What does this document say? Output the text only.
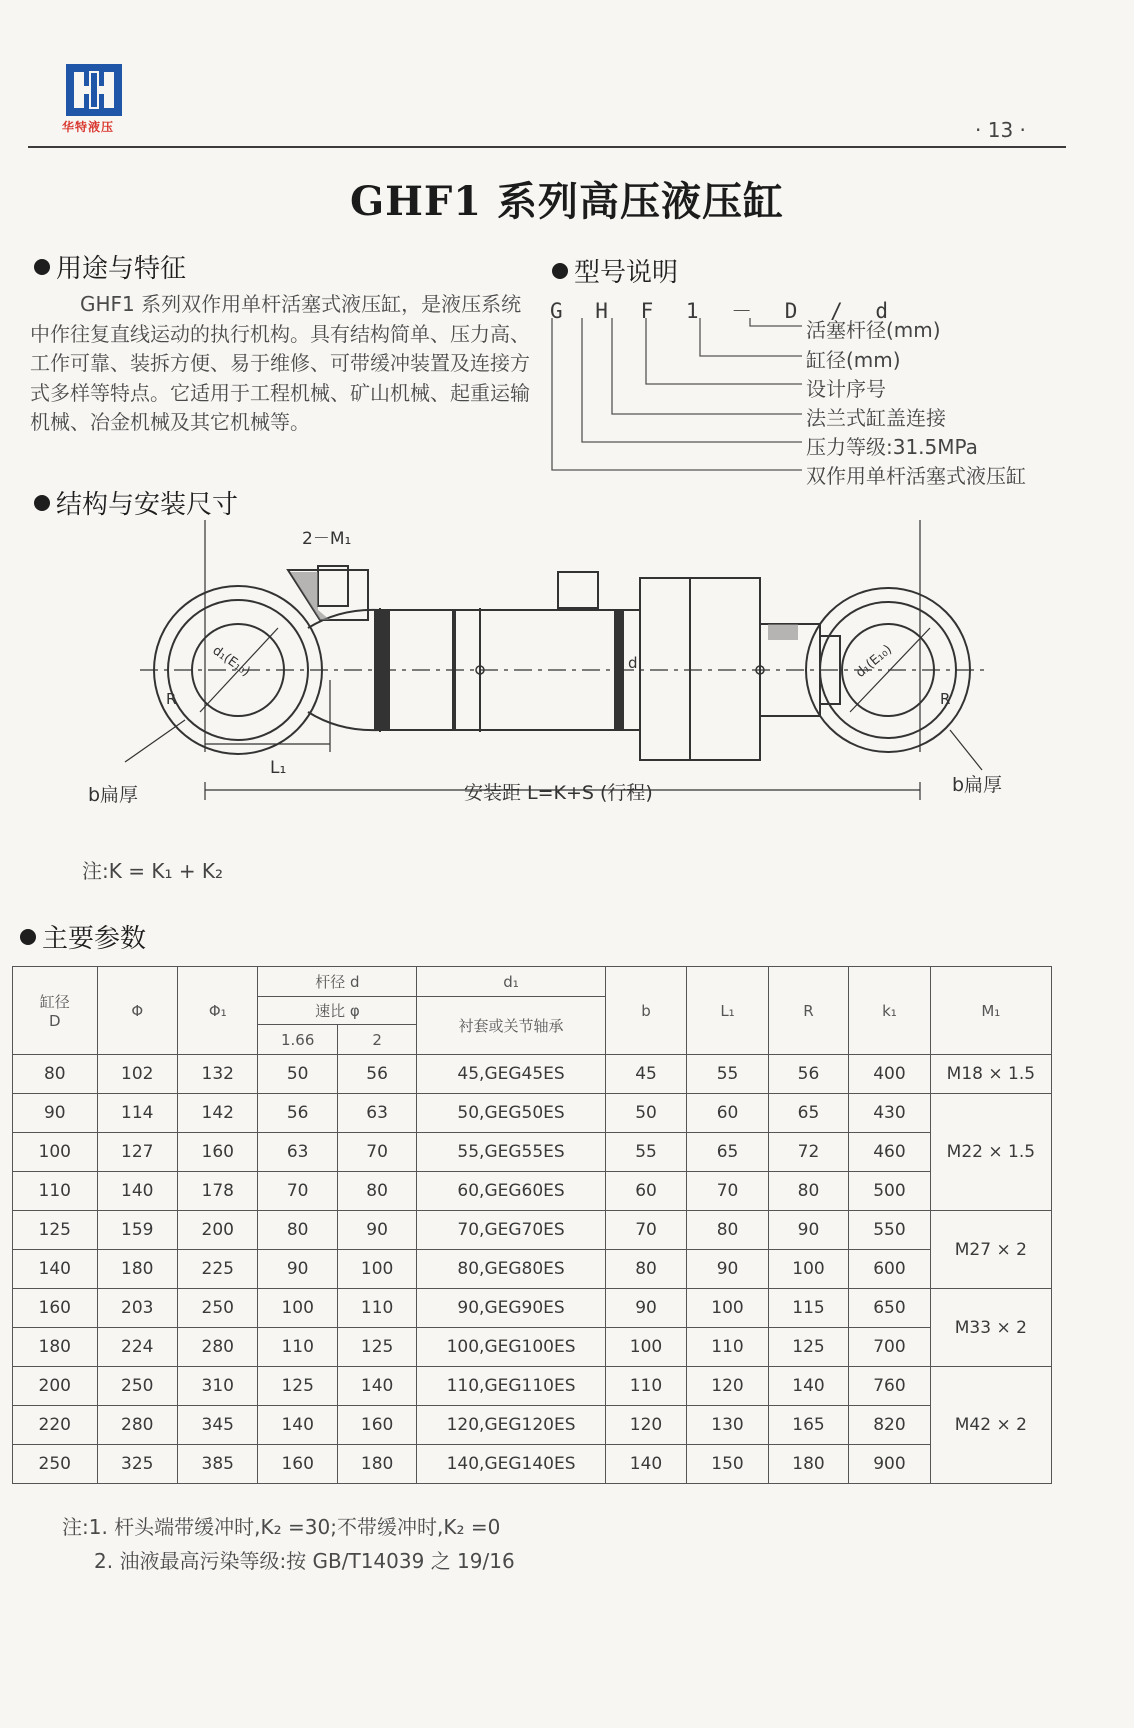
华特液压	· 13 ·
GHF1 系列高压液压缸
用途与特征
GHF1 系列双作用单杆活塞式液压缸，是液压系统中作往复直线运动的执行机构。具有结构简单、压力高、工作可靠、装拆方便、易于维修、可带缓冲装置及连接方式多样等特点。它适用于工程机械、矿山机械、起重运输机械、冶金机械及其它机械等。
型号说明
G H F 1 － D / d
活塞杆径(mm)
缸径(mm)
设计序号
法兰式缸盖连接
压力等级:31.5MPa
双作用单杆活塞式液压缸
结构与安装尺寸
2－M₁
d₁(E₁₀)	d₁(E₁₀)
R	R
d
b扁厚	b扁厚
L₁
安装距 L=K+S (行程)
注:K = K₁ + K₂
主要参数
缸径
D	Φ	Φ₁	杆径 d		d₁	b	L₁	R	k₁	M₁
			速比 φ		衬套或关节轴承					
			1.66	2						
80	102	132	50	56	45,GEG45ES	45	55	56	400	M18 × 1.5
90	114	142	56	63	50,GEG50ES	50	60	65	430	M22 × 1.5
100	127	160	63	70	55,GEG55ES	55	65	72	460	
110	140	178	70	80	60,GEG60ES	60	70	80	500	
125	159	200	80	90	70,GEG70ES	70	80	90	550	M27 × 2
140	180	225	90	100	80,GEG80ES	80	90	100	600	
160	203	250	100	110	90,GEG90ES	90	100	115	650	M33 × 2
180	224	280	110	125	100,GEG100ES	100	110	125	700	
200	250	310	125	140	110,GEG110ES	110	120	140	760	M42 × 2
220	280	345	140	160	120,GEG120ES	120	130	165	820	
250	325	385	160	180	140,GEG140ES	140	150	180	900	
注:1. 杆头端带缓冲时,K₂ =30;不带缓冲时,K₂ =0
2. 油液最高污染等级:按 GB/T14039 之 19/16
